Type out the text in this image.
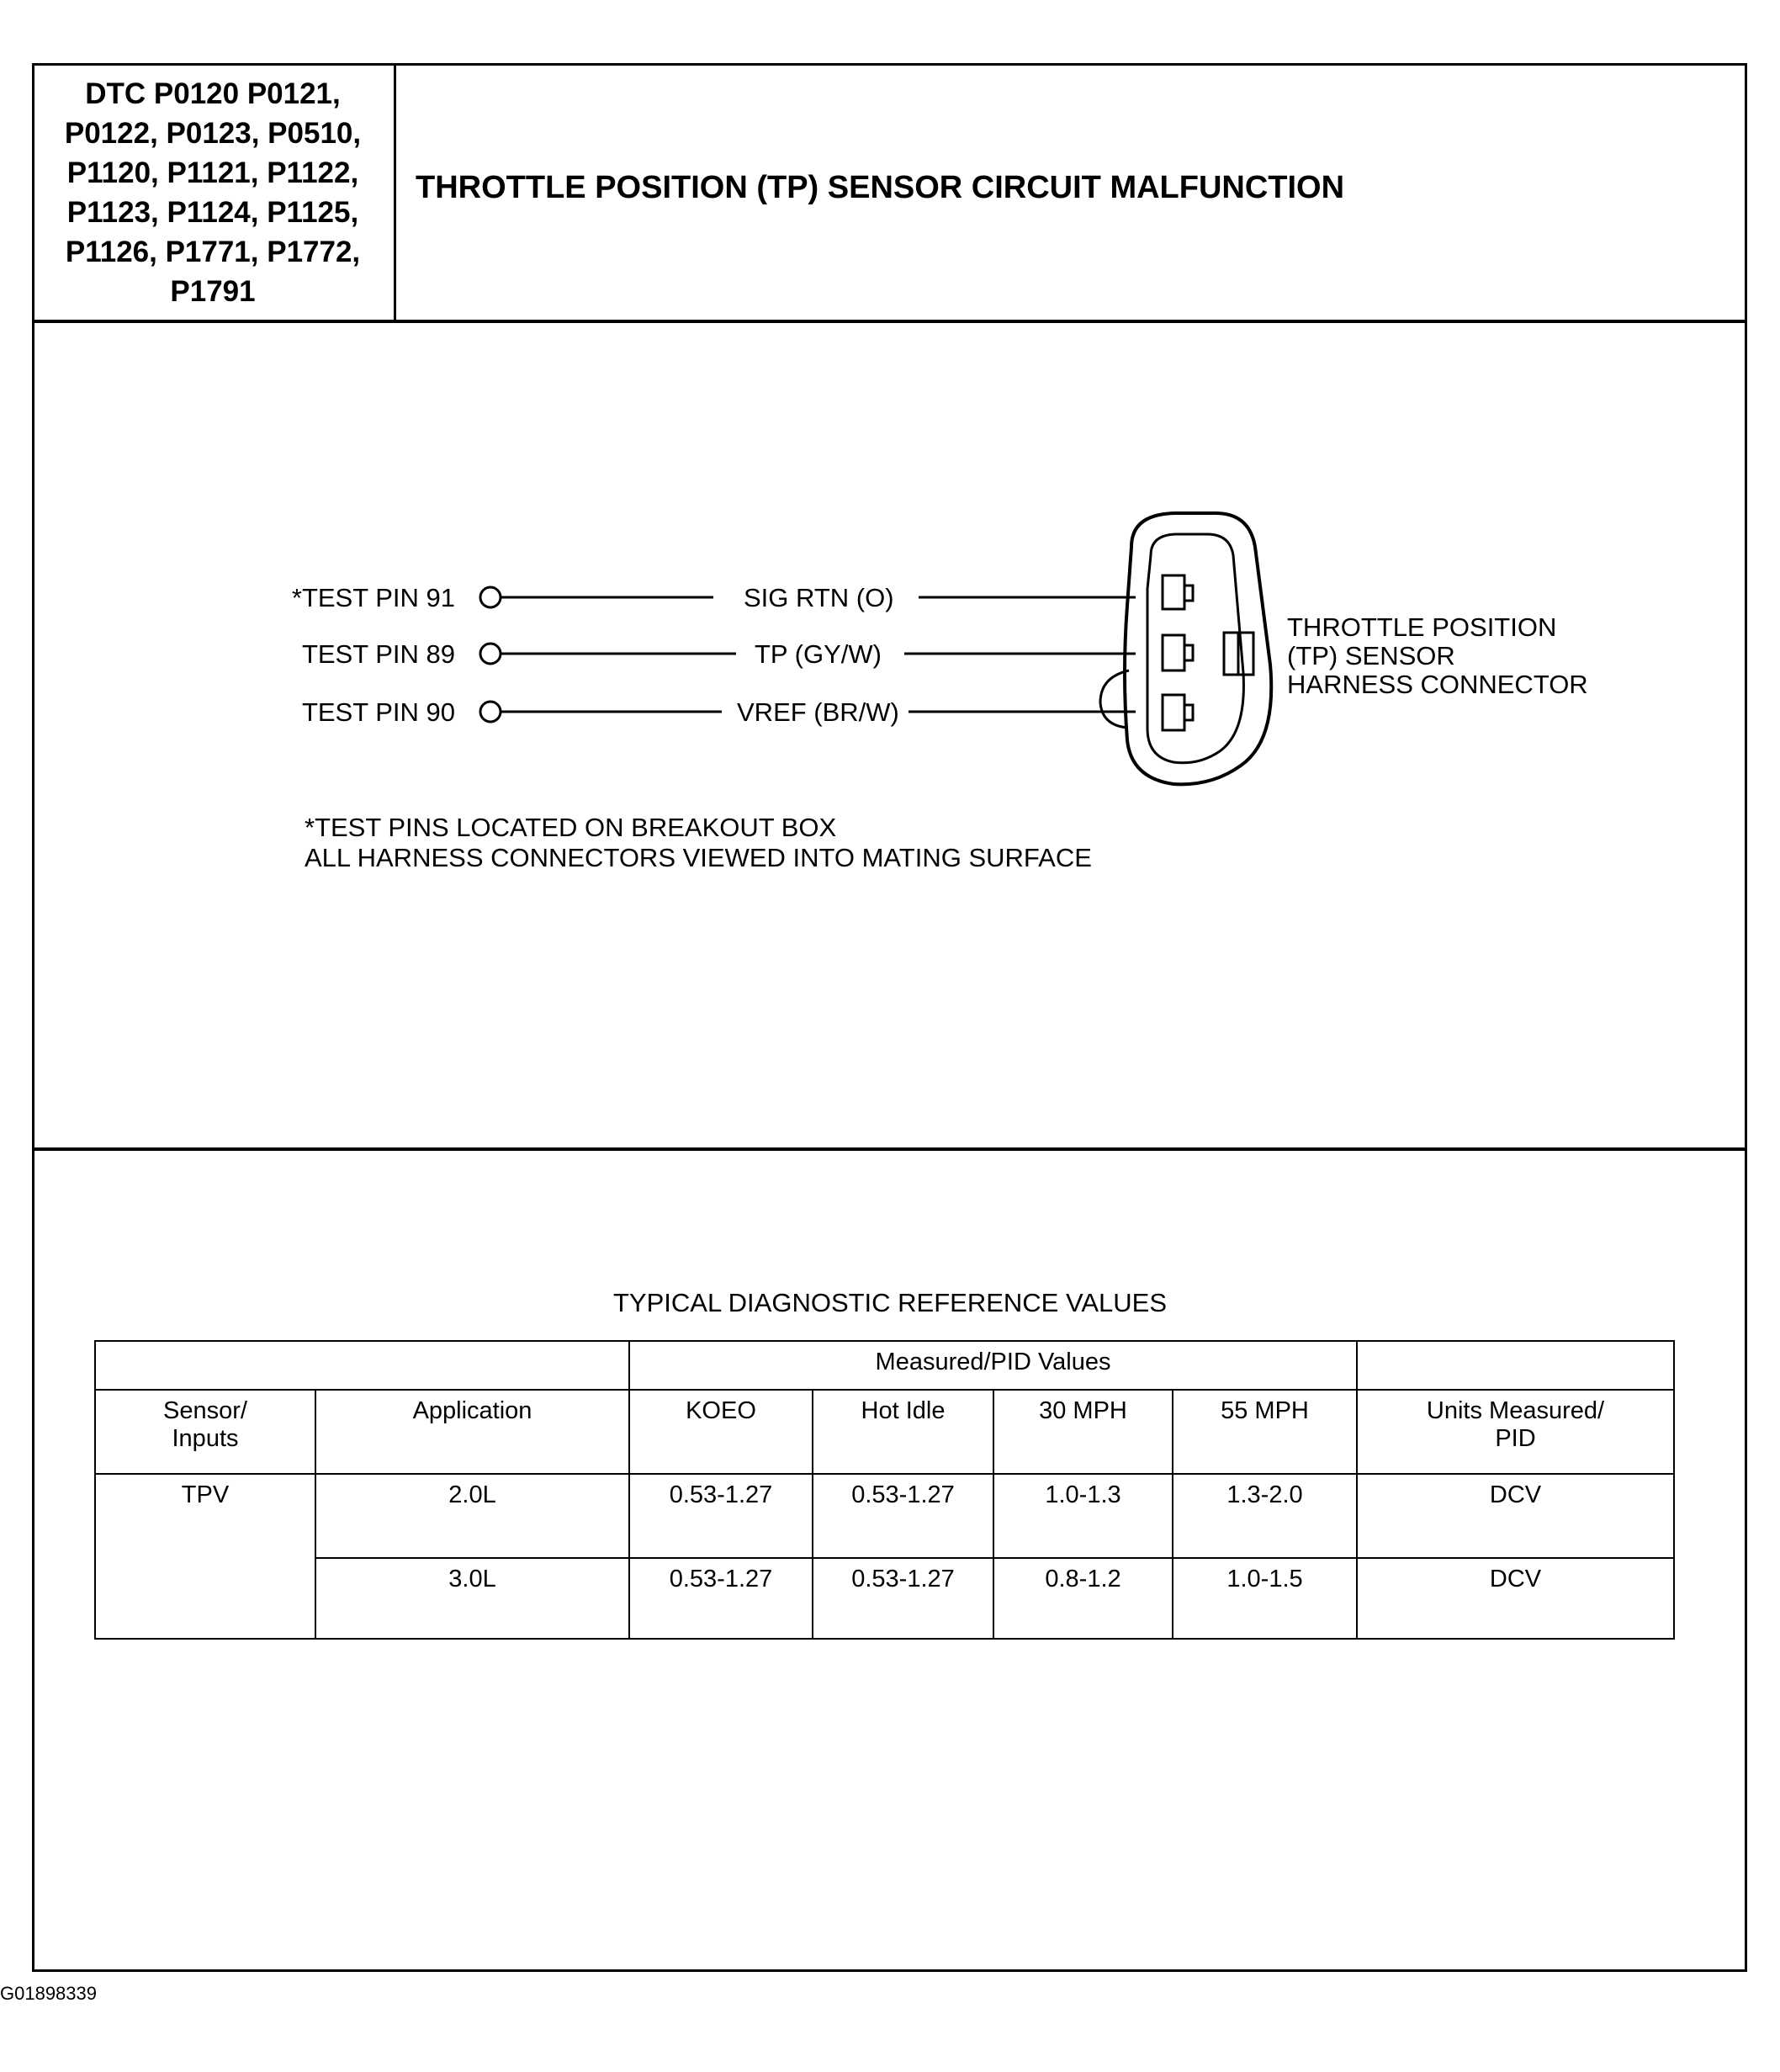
DTC P0120 P0121,
P0122, P0123, P0510,
P1120, P1121, P1122,
P1123, P1124, P1125,
P1126, P1771, P1772,
P1791
THROTTLE POSITION (TP) SENSOR CIRCUIT MALFUNCTION
*TEST PIN 91
TEST PIN 89
TEST PIN 90
SIG RTN (O)
TP (GY/W)
VREF (BR/W)
THROTTLE POSITION
(TP) SENSOR
HARNESS CONNECTOR
*TEST PINS LOCATED ON BREAKOUT BOX
ALL HARNESS CONNECTORS VIEWED INTO MATING SURFACE
TYPICAL DIAGNOSTIC REFERENCE VALUES
		Measured/PID Values				
Sensor/
Inputs	Application	KOEO	Hot Idle	30 MPH	55 MPH	Units Measured/
PID
TPV	2.0L	0.53-1.27	0.53-1.27	1.0-1.3	1.3-2.0	DCV
	3.0L	0.53-1.27	0.53-1.27	0.8-1.2	1.0-1.5	DCV
G01898339
